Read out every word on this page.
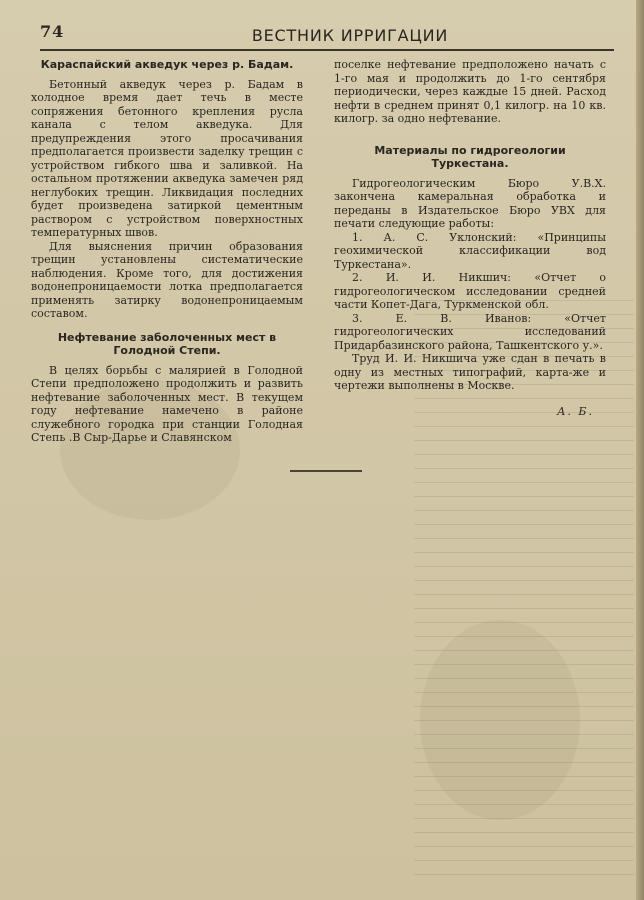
74	ВЕСТНИК ИРРИГАЦИИ
Караспайский акведук через р. Бадам.

Бетонный акведук через р. Бадам в холодное время дает течь в месте сопряжения бетонного крепления русла канала с телом акведука. Для предупреждения этого просачивания предполагается произвести заделку трещин с устройством гибкого шва и заливкой. На остальном протяжении акведука замечен ряд неглубоких трещин. Ликвидация последних будет произведена затиркой цементным раствором с устройством поверхностных температурных швов.

Для выяснения причин образования трещин установлены систематические наблюдения. Кроме того, для достижения водонепроницаемости лотка предполагается применять затирку водонепроницаемым составом.

Нефтевание заболоченных мест в Голодной Степи.

В целях борьбы с малярией в Голодной Степи предположено продолжить и развить нефтевание заболоченных мест. В текущем году нефтевание намечено в районе служебного городка при станции Голодная Степь .В Сыр-Дарье и Славянском

поселке нефтевание предположено начать с 1-го мая и продолжить до 1-го сентября периодически, через каждые 15 дней. Расход нефти в среднем принят 0,1 килогр. на 10 кв. килогр. за одно нефтевание.

Материалы по гидрогеологии Туркестана.

Гидрогеологическим Бюро У.В.Х. закончена камеральная обработка и переданы в Издательское Бюро УВХ для печати следующие работы:

1. А. С. Уклонский: «Принципы геохимической классификации вод Туркестана».

2. И. И. Никшич: «Отчет о гидрогеологическом исследовании средней части Копет-Дага, Туркменской обл.

3. Е. В. Иванов: «Отчет гидрогеологических исследований Придарбазинского района, Ташкентского у.».

Труд И. И. Никшича уже сдан в печать в одну из местных типографий, карта-же и чертежи выполнены в Москве.

А. Б.
